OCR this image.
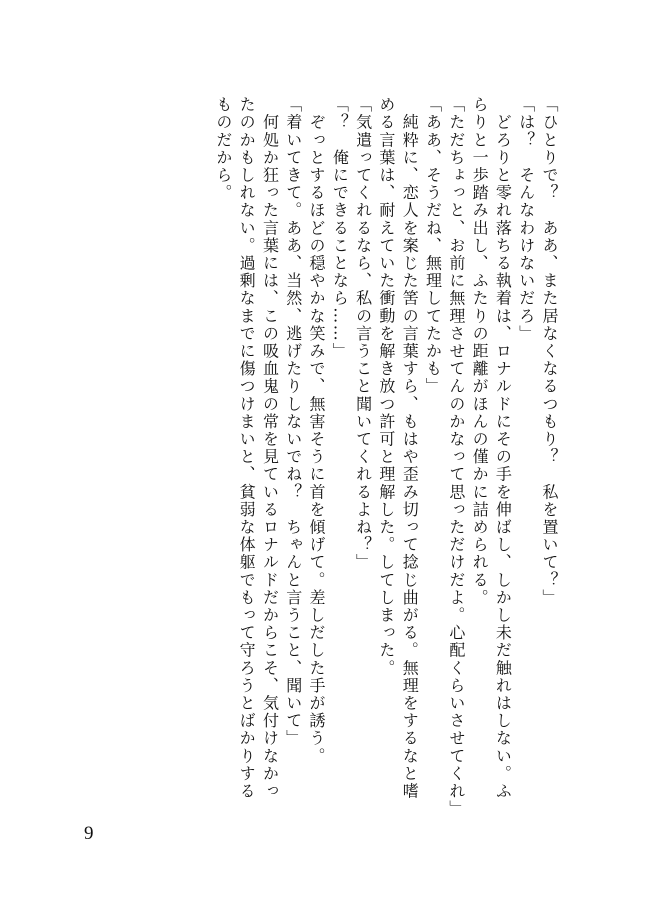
「ひとりで？　ああ、また居なくなるつもり？　私を置いて？」
「は？　そんなわけないだろ」
　どろりと零れ落ちる執着は、ロナルドにその手を伸ばし、しかし未だ触れはしない。ふ
らりと一歩踏み出し、ふたりの距離がほんの僅かに詰められる。
「ただちょっと、お前に無理させてんのかなって思っただけだよ。心配くらいさせてくれ」
「ああ、そうだね、無理してたかも」
　純粋に、恋人を案じた筈の言葉すら、もはや歪み切って捻じ曲がる。無理をするなと嗜
める言葉は、耐えていた衝動を解き放つ許可と理解した。してしまった。
「気遣ってくれるなら、私の言うこと聞いてくれるよね？」
「？　俺にできることなら……」
　ぞっとするほどの穏やかな笑みで、無害そうに首を傾げて。差しだした手が誘う。
「着いてきて。ああ、当然、逃げたりしないでね？　ちゃんと言うこと、聞いて」
　何処か狂った言葉には、この吸血鬼の常を見ているロナルドだからこそ、気付けなかっ
たのかもしれない。過剰なまでに傷つけまいと、貧弱な体躯でもって守ろうとばかりする
ものだから。
9
